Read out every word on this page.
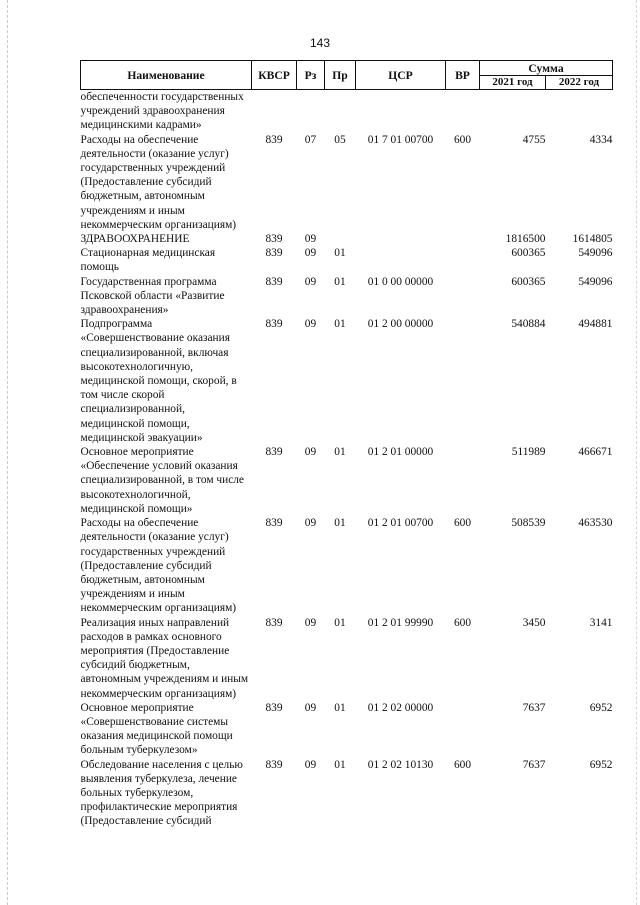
143
Наименование	КВСР	Рз	Пр	ЦСР	ВР	Сумма	
						2021 год	2022 год
обеспеченности государственных учреждений здравоохранения медицинскими кадрами»							
Расходы на обеспечение деятельности (оказание услуг) государственных учреждений (Предоставление субсидий бюджетным, автономным учреждениям и иным некоммерческим организациям)	839	07	05	01 7 01 00700	600	4755	4334
ЗДРАВООХРАНЕНИЕ	839	09				1816500	1614805
Стационарная медицинская помощь	839	09	01			600365	549096
Государственная программа Псковской области «Развитие здравоохранения»	839	09	01	01 0 00 00000		600365	549096
Подпрограмма «Совершенствование оказания специализированной, включая высокотехнологичную, медицинской помощи, скорой, в том числе скорой специализированной, медицинской помощи, медицинской эвакуации»	839	09	01	01 2 00 00000		540884	494881
Основное мероприятие «Обеспечение условий оказания специализированной, в том числе высокотехнологичной, медицинской помощи»	839	09	01	01 2 01 00000		511989	466671
Расходы на обеспечение деятельности (оказание услуг) государственных учреждений (Предоставление субсидий бюджетным, автономным учреждениям и иным некоммерческим организациям)	839	09	01	01 2 01 00700	600	508539	463530
Реализация иных направлений расходов в рамках основного мероприятия (Предоставление субсидий бюджетным, автономным учреждениям и иным некоммерческим организациям)	839	09	01	01 2 01 99990	600	3450	3141
Основное мероприятие «Совершенствование системы оказания медицинской помощи больным туберкулезом»	839	09	01	01 2 02 00000		7637	6952
Обследование населения с целью выявления туберкулеза, лечение больных туберкулезом, профилактические мероприятия (Предоставление субсидий	839	09	01	01 2 02 10130	600	7637	6952
